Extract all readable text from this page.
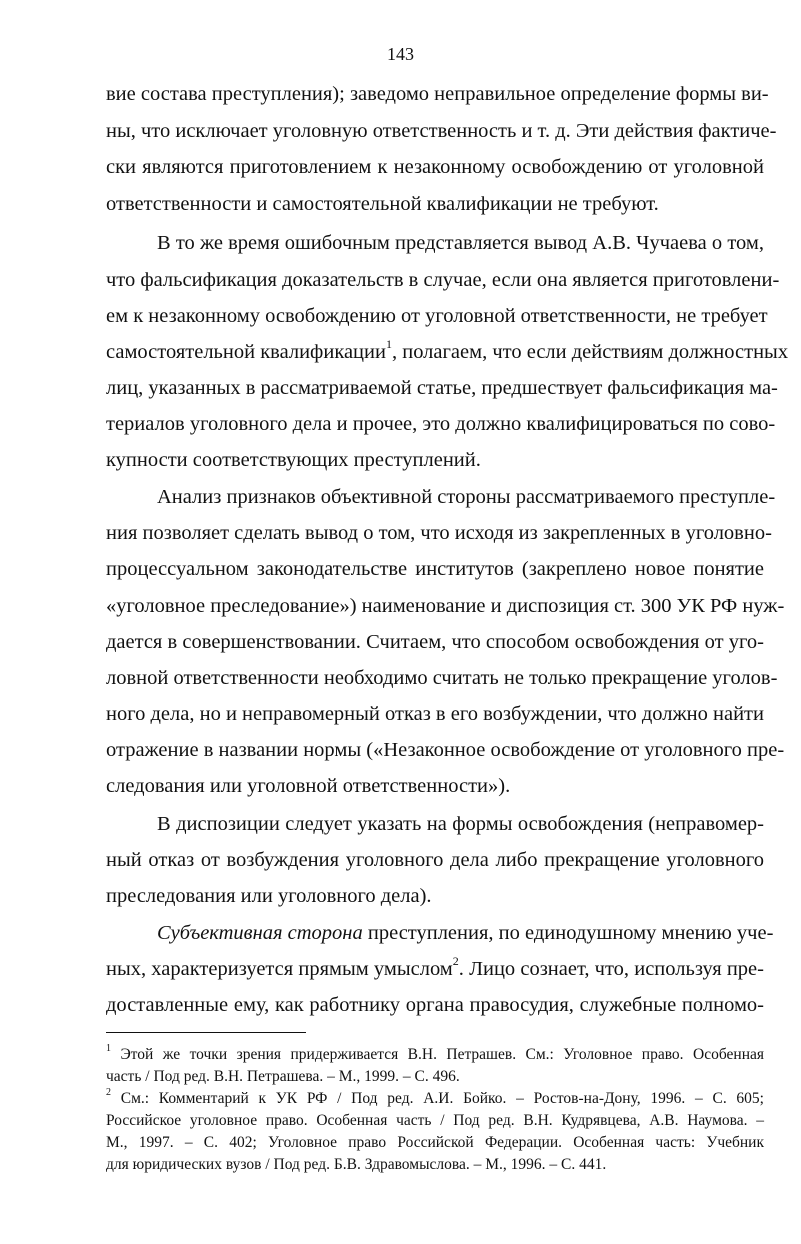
143
вие состава преступления); заведомо неправильное определение формы ви-
ны, что исключает уголовную ответственность и т. д. Эти действия фактиче-
ски являются приготовлением к незаконному освобождению от уголовной
ответственности и самостоятельной квалификации не требуют.
В то же время ошибочным представляется вывод А.В. Чучаева о том,
что фальсификация доказательств в случае, если она является приготовлени-
ем к незаконному освобождению от уголовной ответственности, не требует
самостоятельной квалификации$^1$, полагаем, что если действиям должностных
лиц, указанных в рассматриваемой статье, предшествует фальсификация ма-
териалов уголовного дела и прочее, это должно квалифицироваться по сово-
купности соответствующих преступлений.
Анализ признаков объективной стороны рассматриваемого преступле-
ния позволяет сделать вывод о том, что исходя из закрепленных в уголовно-
процессуальном законодательстве институтов (закреплено новое понятие
«уголовное преследование») наименование и диспозиция ст. 300 УК РФ нуж-
дается в совершенствовании. Считаем, что способом освобождения от уго-
ловной ответственности необходимо считать не только прекращение уголов-
ного дела, но и неправомерный отказ в его возбуждении, что должно найти
отражение в названии нормы («Незаконное освобождение от уголовного пре-
следования или уголовной ответственности»).
В диспозиции следует указать на формы освобождения (неправомер-
ный отказ от возбуждения уголовного дела либо прекращение уголовного
преследования или уголовного дела).
Субъективная сторона преступления, по единодушному мнению уче-
ных, характеризуется прямым умыслом$^2$. Лицо сознает, что, используя пре-
доставленные ему, как работнику органа правосудия, служебные полномо-
$^1$ Этой же точки зрения придерживается В.Н. Петрашев. См.: Уголовное право. Особенная
часть / Под ред. В.Н. Петрашева. – М., 1999. – С. 496.
$^2$ См.: Комментарий к УК РФ / Под ред. А.И. Бойко. – Ростов-на-Дону, 1996. – С. 605;
Российское уголовное право. Особенная часть / Под ред. В.Н. Кудрявцева, А.В. Наумова. –
М., 1997. – С. 402; Уголовное право Российской Федерации. Особенная часть: Учебник
для юридических вузов / Под ред. Б.В. Здравомыслова. – М., 1996. – С. 441.
